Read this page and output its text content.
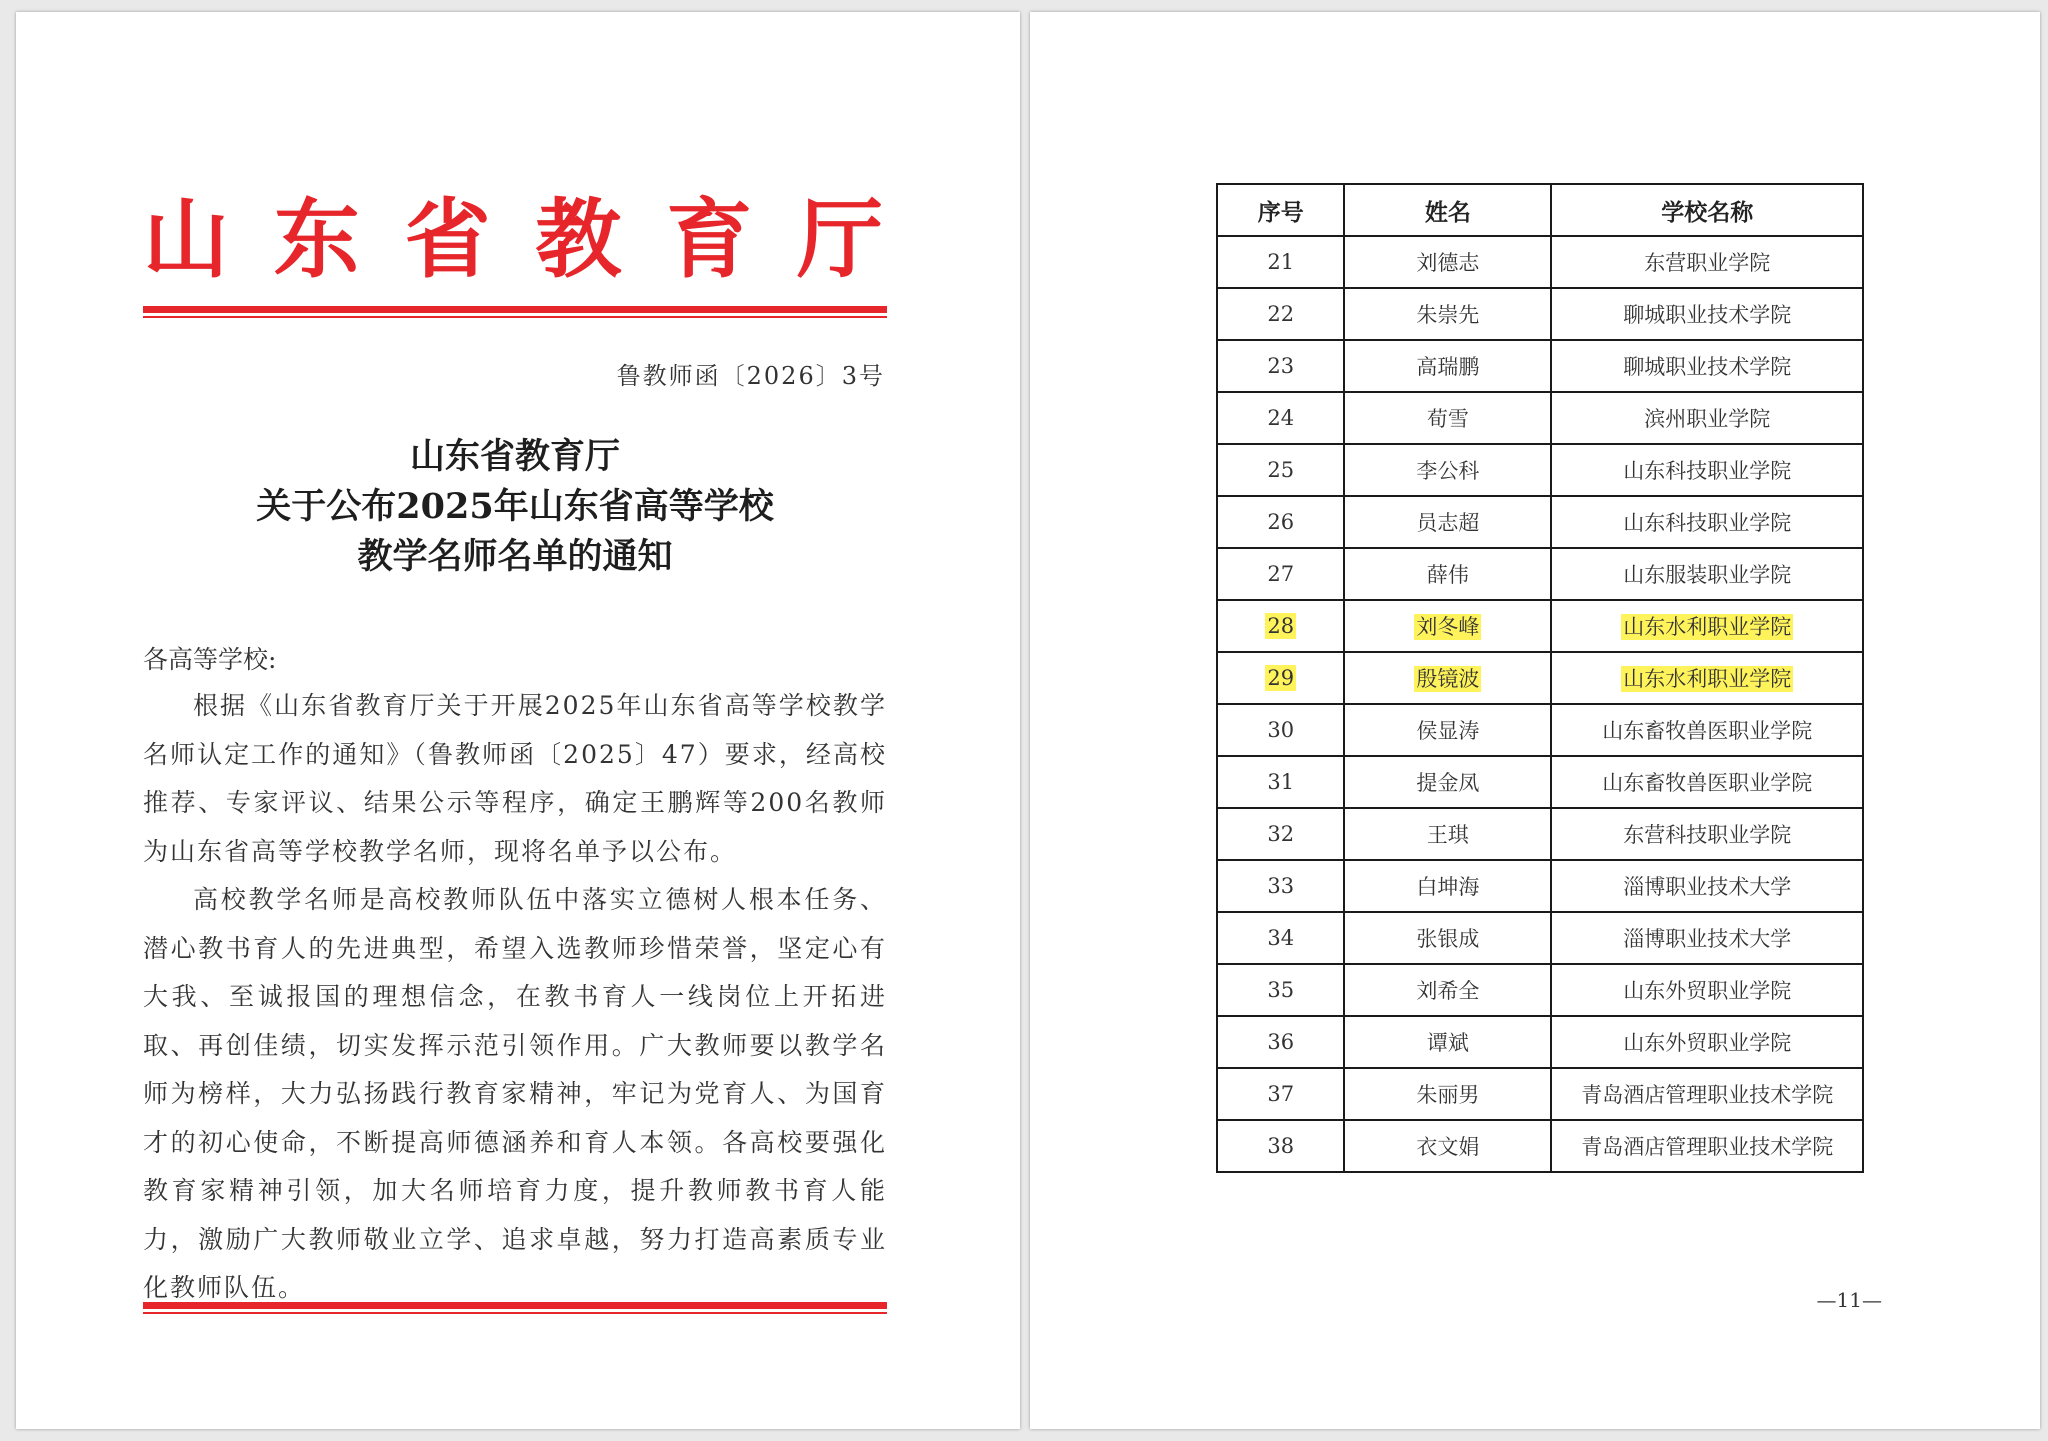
山 东 省 教 育 厅
鲁教师函〔2026〕3号
山东省教育厅
关于公布2025年山东省高等学校
教学名师名单的通知
各高等学校:

根据《山东省教育厅关于开展2025年山东省高等学校教学名师认定工作的通知》（鲁教师函〔2025〕47）要求，经高校推荐、专家评议、结果公示等程序，确定王鹏辉等200名教师为山东省高等学校教学名师，现将名单予以公布。

高校教学名师是高校教师队伍中落实立德树人根本任务、潜心教书育人的先进典型，希望入选教师珍惜荣誉，坚定心有大我、至诚报国的理想信念，在教书育人一线岗位上开拓进取、再创佳绩，切实发挥示范引领作用。广大教师要以教学名师为榜样，大力弘扬践行教育家精神，牢记为党育人、为国育才的初心使命，不断提高师德涵养和育人本领。各高校要强化教育家精神引领，加大名师培育力度，提升教师教书育人能力，激励广大教师敬业立学、追求卓越，努力打造高素质专业化教师队伍。

序号	姓名	学校名称
21	刘德志	东营职业学院
22	朱崇先	聊城职业技术学院
23	高瑞鹏	聊城职业技术学院
24	荀雪	滨州职业学院
25	李公科	山东科技职业学院
26	员志超	山东科技职业学院
27	薛伟	山东服装职业学院
28	刘冬峰	山东水利职业学院
29	殷镜波	山东水利职业学院
30	侯显涛	山东畜牧兽医职业学院
31	提金凤	山东畜牧兽医职业学院
32	王琪	东营科技职业学院
33	白坤海	淄博职业技术大学
34	张银成	淄博职业技术大学
35	刘希全	山东外贸职业学院
36	谭斌	山东外贸职业学院
37	朱丽男	青岛酒店管理职业技术学院
38	衣文娟	青岛酒店管理职业技术学院
—11—
